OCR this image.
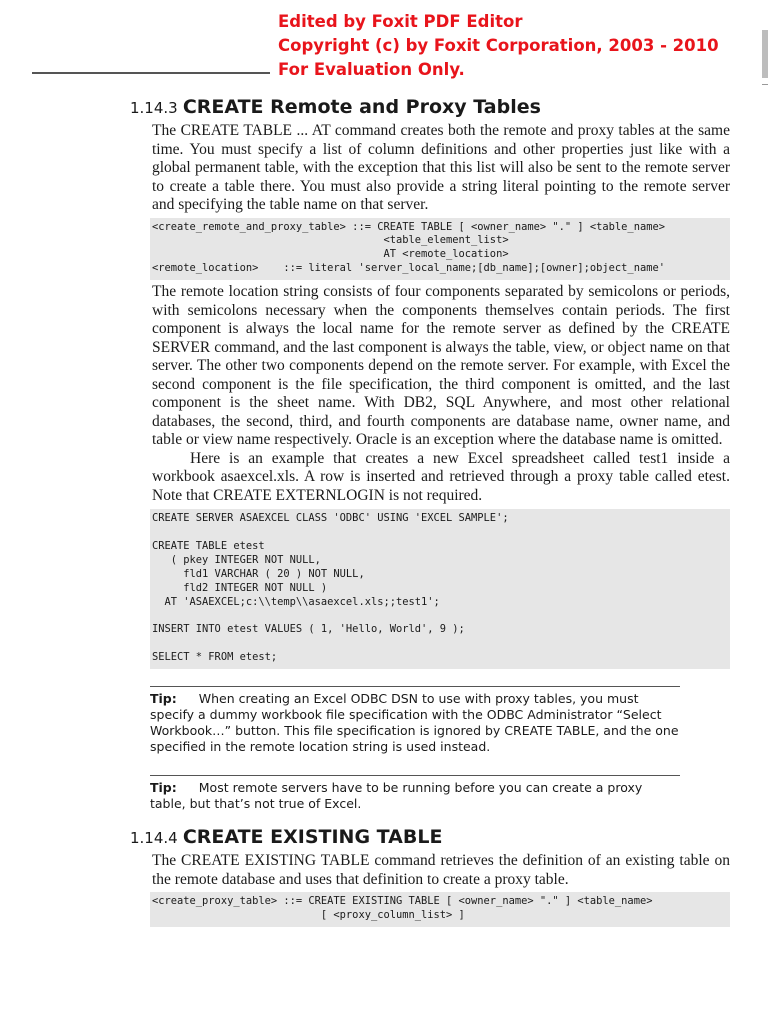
Edited by Foxit PDF Editor
Copyright (c) by Foxit Corporation, 2003 - 2010
For Evaluation Only.
1.14.3 CREATE Remote and Proxy Tables

The CREATE TABLE ... AT command creates both the remote and proxy tables at the same time. You must specify a list of column definitions and other properties just like with a global permanent table, with the exception that this list will also be sent to the remote server to create a table there. You must also provide a string literal pointing to the remote server and specifying the table name on that server.

<create_remote_and_proxy_table> ::= CREATE TABLE [ <owner_name> "." ] <table_name>
<table_element_list>
AT <remote_location>
<remote_location>    ::= literal 'server_local_name;[db_name];[owner];object_name'

The remote location string consists of four components separated by semicolons or periods, with semicolons necessary when the components themselves contain periods. The first component is always the local name for the remote server as defined by the CREATE SERVER command, and the last component is always the table, view, or object name on that server. The other two components depend on the remote server. For example, with Excel the second component is the file specification, the third component is omitted, and the last component is the sheet name. With DB2, SQL Anywhere, and most other relational databases, the second, third, and fourth components are database name, owner name, and table or view name respectively. Oracle is an exception where the database name is omitted.

Here is an example that creates a new Excel spreadsheet called test1 inside a workbook asaexcel.xls. A row is inserted and retrieved through a proxy table called etest. Note that CREATE EXTERNLOGIN is not required.

CREATE SERVER ASAEXCEL CLASS 'ODBC' USING 'EXCEL SAMPLE';

CREATE TABLE etest
( pkey INTEGER NOT NULL,
fld1 VARCHAR ( 20 ) NOT NULL,
fld2 INTEGER NOT NULL )
AT 'ASAEXCEL;c:\\temp\\asaexcel.xls;;test1';

INSERT INTO etest VALUES ( 1, 'Hello, World', 9 );

SELECT * FROM etest;
Tip: When creating an Excel ODBC DSN to use with proxy tables, you must specify a dummy workbook file specification with the ODBC Administrator “Select Workbook…” button. This file specification is ignored by CREATE TABLE, and the one specified in the remote location string is used instead.
Tip: Most remote servers have to be running before you can create a proxy table, but that’s not true of Excel.
1.14.4 CREATE EXISTING TABLE

The CREATE EXISTING TABLE command retrieves the definition of an existing table on the remote database and uses that definition to create a proxy table.

<create_proxy_table> ::= CREATE EXISTING TABLE [ <owner_name> "." ] <table_name>
[ <proxy_column_list> ]
